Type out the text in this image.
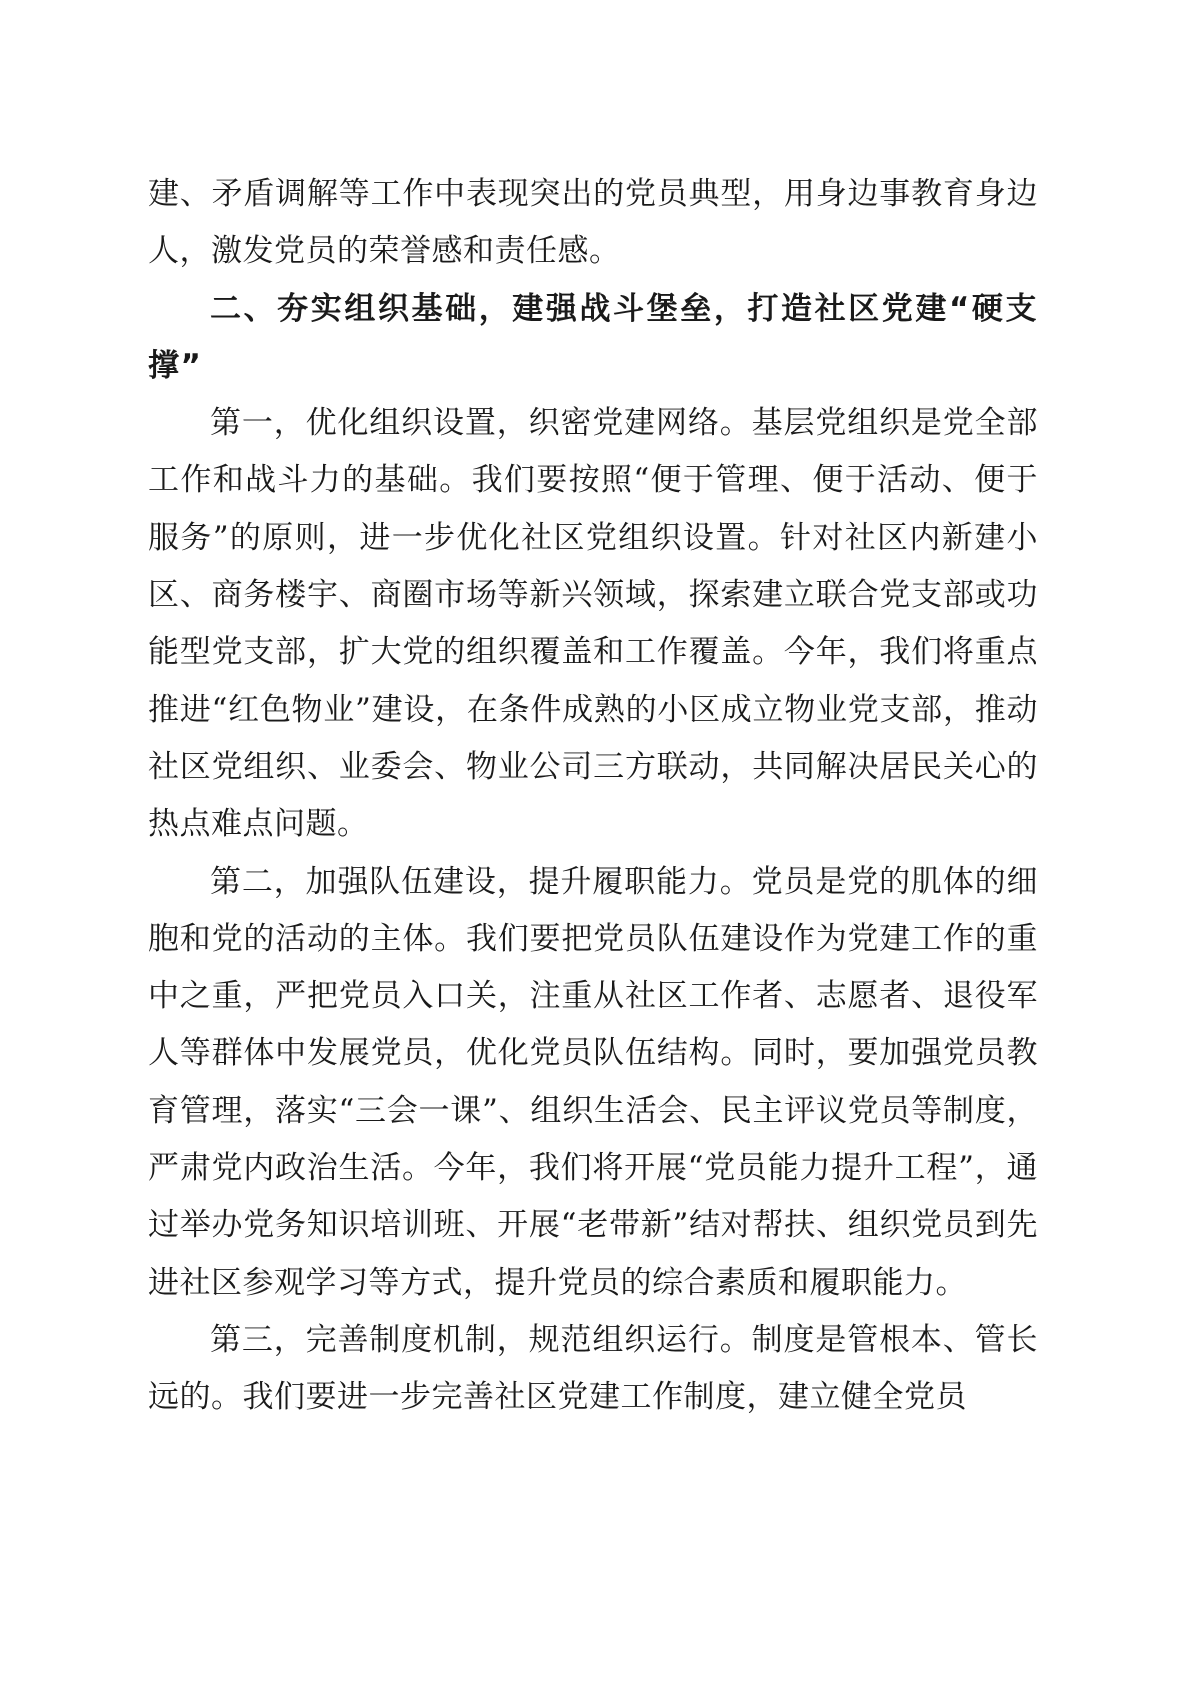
建、矛盾调解等工作中表现突出的党员典型，用身边事教育身边人，激发党员的荣誉感和责任感。

二、夯实组织基础，建强战斗堡垒，打造社区党建“硬支撑”

第一，优化组织设置，织密党建网络。基层党组织是党全部工作和战斗力的基础。我们要按照“便于管理、便于活动、便于服务”的原则，进一步优化社区党组织设置。针对社区内新建小区、商务楼宇、商圈市场等新兴领域，探索建立联合党支部或功能型党支部，扩大党的组织覆盖和工作覆盖。今年，我们将重点推进“红色物业”建设，在条件成熟的小区成立物业党支部，推动社区党组织、业委会、物业公司三方联动，共同解决居民关心的热点难点问题。

第二，加强队伍建设，提升履职能力。党员是党的肌体的细胞和党的活动的主体。我们要把党员队伍建设作为党建工作的重中之重，严把党员入口关，注重从社区工作者、志愿者、退役军人等群体中发展党员，优化党员队伍结构。同时，要加强党员教育管理，落实“三会一课”、组织生活会、民主评议党员等制度，严肃党内政治生活。今年，我们将开展“党员能力提升工程”，通过举办党务知识培训班、开展“老带新”结对帮扶、组织党员到先进社区参观学习等方式，提升党员的综合素质和履职能力。

第三，完善制度机制，规范组织运行。制度是管根本、管长远的。我们要进一步完善社区党建工作制度，建立健全党员
